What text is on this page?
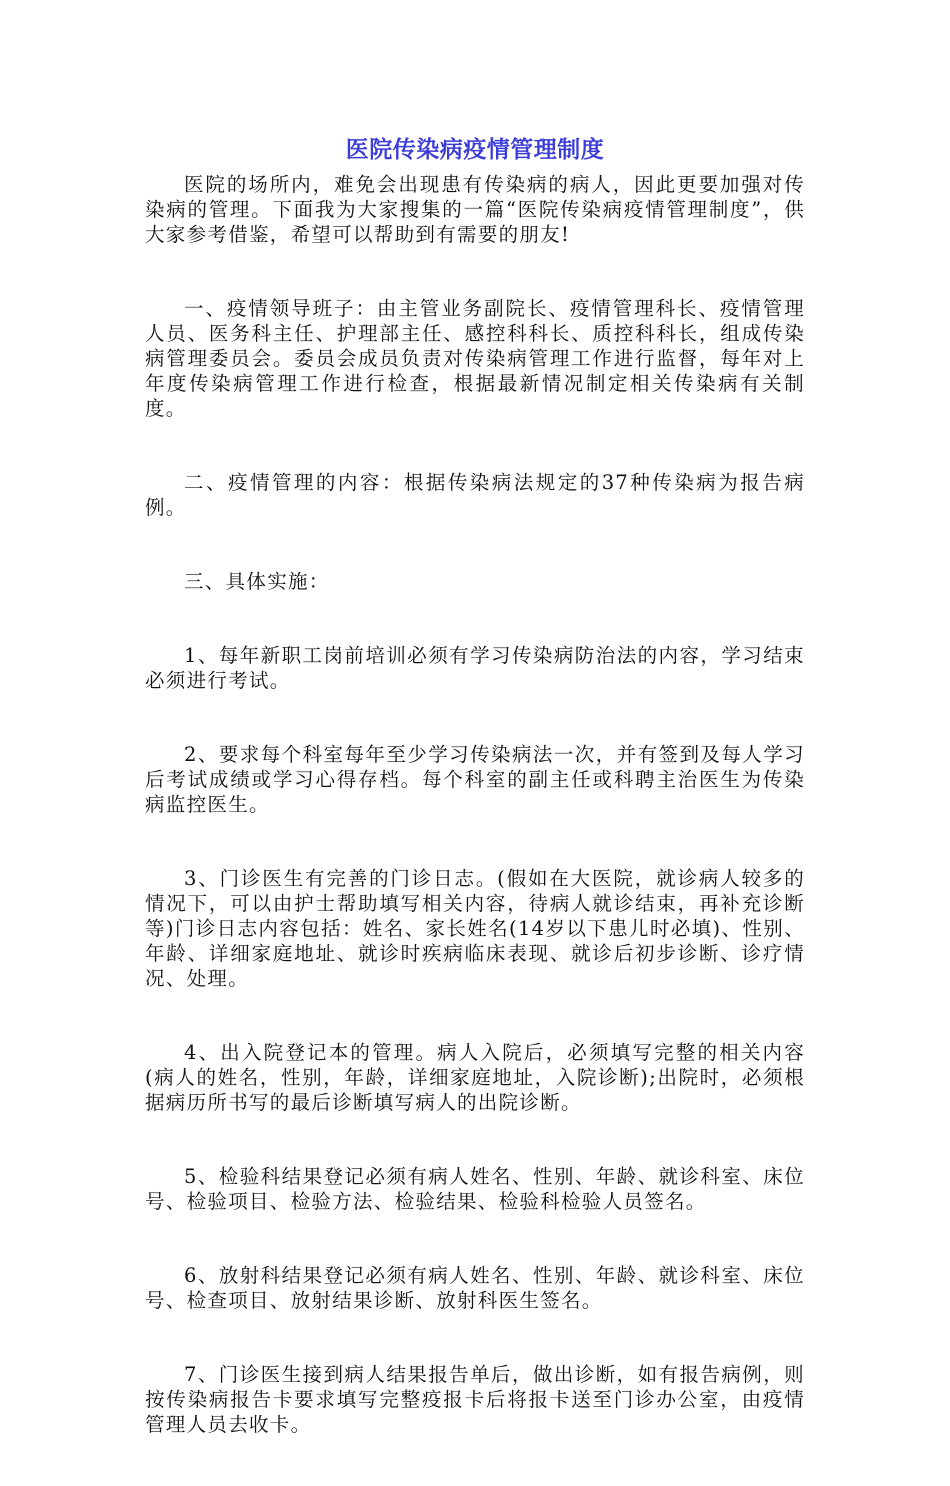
医院传染病疫情管理制度

医院的场所内，难免会出现患有传染病的病人，因此更要加强对传染病的管理。下面我为大家搜集的一篇“医院传染病疫情管理制度”，供大家参考借鉴，希望可以帮助到有需要的朋友!

一、疫情领导班子：由主管业务副院长、疫情管理科长、疫情管理人员、医务科主任、护理部主任、感控科科长、质控科科长，组成传染病管理委员会。委员会成员负责对传染病管理工作进行监督，每年对上年度传染病管理工作进行检查，根据最新情况制定相关传染病有关制度。

二、疫情管理的内容：根据传染病法规定的37种传染病为报告病例。

三、具体实施：

1、每年新职工岗前培训必须有学习传染病防治法的内容，学习结束必须进行考试。

2、要求每个科室每年至少学习传染病法一次，并有签到及每人学习后考试成绩或学习心得存档。每个科室的副主任或科聘主治医生为传染病监控医生。

3、门诊医生有完善的门诊日志。(假如在大医院，就诊病人较多的情况下，可以由护士帮助填写相关内容，待病人就诊结束，再补充诊断等)门诊日志内容包括：姓名、家长姓名(14岁以下患儿时必填)、性别、年龄、详细家庭地址、就诊时疾病临床表现、就诊后初步诊断、诊疗情况、处理。

4、出入院登记本的管理。病人入院后，必须填写完整的相关内容(病人的姓名，性别，年龄，详细家庭地址，入院诊断);出院时，必须根据病历所书写的最后诊断填写病人的出院诊断。

5、检验科结果登记必须有病人姓名、性别、年龄、就诊科室、床位号、检验项目、检验方法、检验结果、检验科检验人员签名。

6、放射科结果登记必须有病人姓名、性别、年龄、就诊科室、床位号、检查项目、放射结果诊断、放射科医生签名。

7、门诊医生接到病人结果报告单后，做出诊断，如有报告病例，则按传染病报告卡要求填写完整疫报卡后将报卡送至门诊办公室，由疫情管理人员去收卡。
